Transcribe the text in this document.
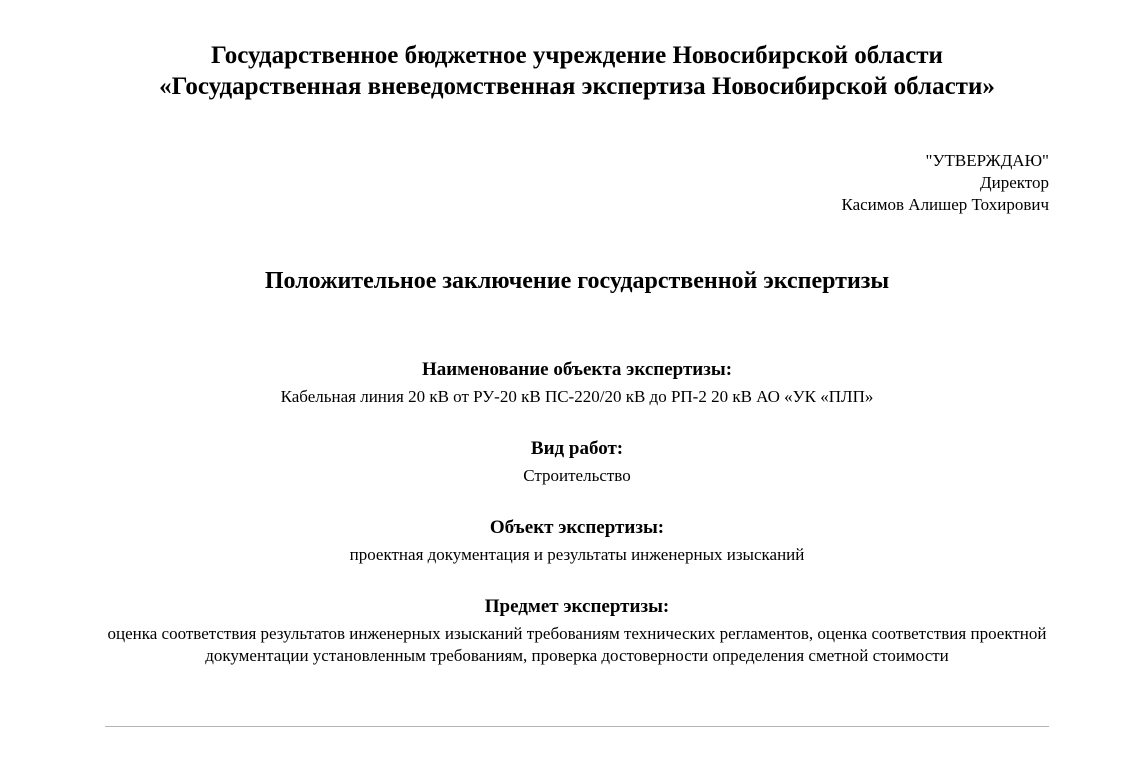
Государственное бюджетное учреждение Новосибирской области
«Государственная вневедомственная экспертиза Новосибирской области»
"УТВЕРЖДАЮ"
Директор
Касимов Алишер Тохирович
Положительное заключение государственной экспертизы
Наименование объекта экспертизы:
Кабельная линия 20 кВ от РУ-20 кВ ПС-220/20 кВ до РП-2 20 кВ АО «УК «ПЛП»
Вид работ:
Строительство
Объект экспертизы:
проектная документация и результаты инженерных изысканий
Предмет экспертизы:
оценка соответствия результатов инженерных изысканий требованиям технических регламентов, оценка соответствия проектной документации установленным требованиям, проверка достоверности определения сметной стоимости
